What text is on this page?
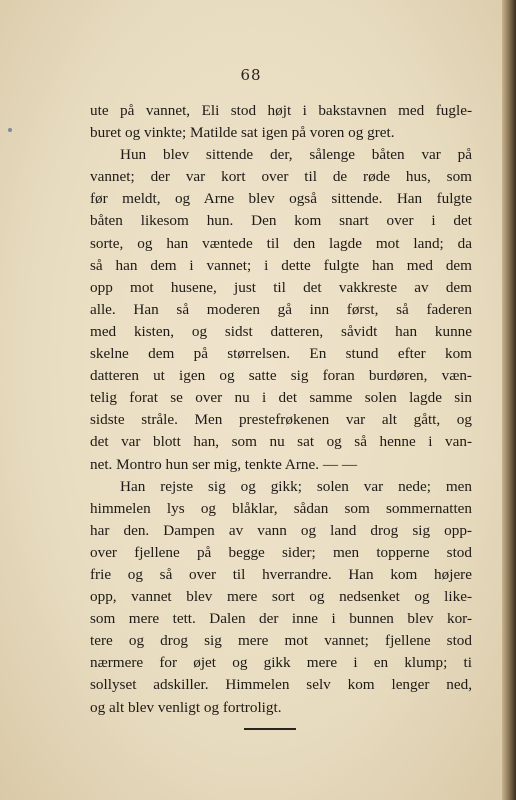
68
ute på vannet, Eli stod højt i bakstavnen med fugle-
buret og vinkte; Matilde sat igen på voren og gret.
Hun blev sittende der, sålenge båten var på
vannet; der var kort over til de røde hus, som
før meldt, og Arne blev også sittende. Han fulgte
båten likesom hun. Den kom snart over i det
sorte, og han væntede til den lagde mot land; da
så han dem i vannet; i dette fulgte han med dem
opp mot husene, just til det vakkreste av dem
alle. Han så moderen gå inn først, så faderen
med kisten, og sidst datteren, såvidt han kunne
skelne dem på størrelsen. En stund efter kom
datteren ut igen og satte sig foran burdøren, væn-
telig forat se over nu i det samme solen lagde sin
sidste stråle. Men prestefrøkenen var alt gått, og
det var blott han, som nu sat og så henne i van-
net. Montro hun ser mig, tenkte Arne. — —
Han rejste sig og gikk; solen var nede; men
himmelen lys og blåklar, sådan som sommernatten
har den. Dampen av vann og land drog sig opp-
over fjellene på begge sider; men topperne stod
frie og så over til hverrandre. Han kom højere
opp, vannet blev mere sort og nedsenket og like-
som mere tett. Dalen der inne i bunnen blev kor-
tere og drog sig mere mot vannet; fjellene stod
nærmere for øjet og gikk mere i en klump; ti
sollyset adskiller. Himmelen selv kom lenger ned,
og alt blev venligt og fortroligt.
